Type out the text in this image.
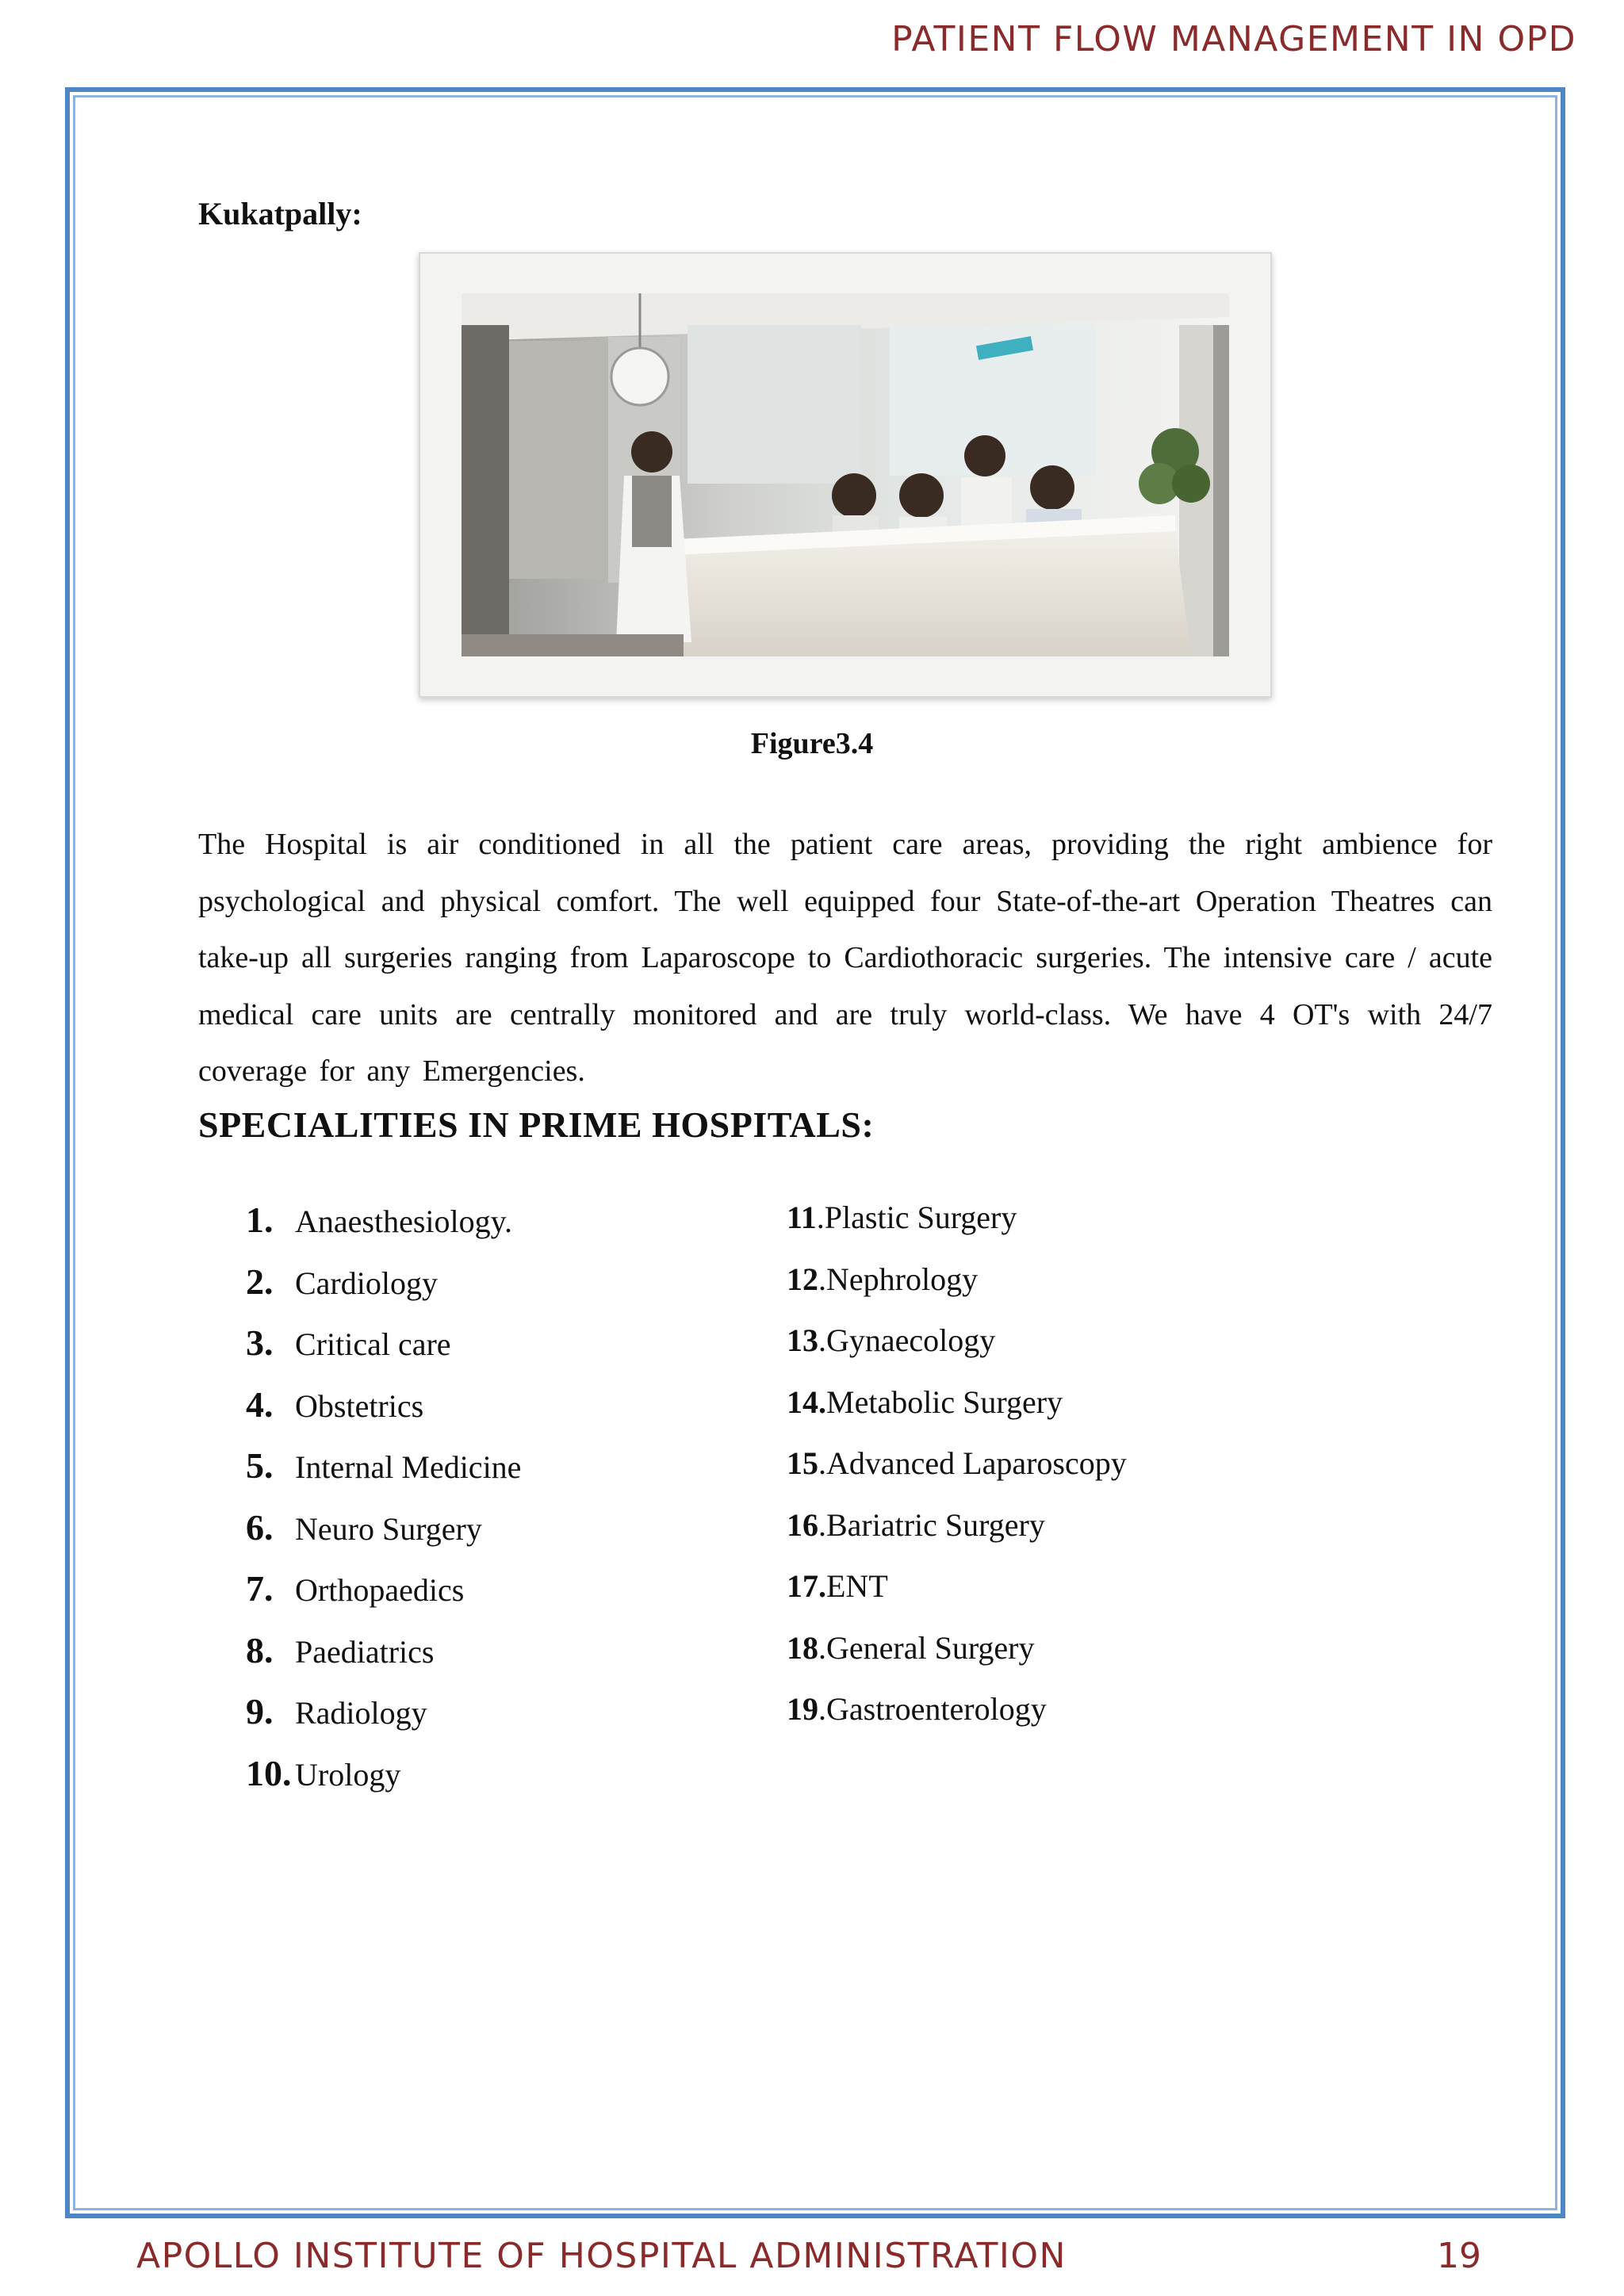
PATIENT FLOW MANAGEMENT IN OPD
Kukatpally:
Figure3.4

The Hospital is air conditioned in all the patient care areas, providing the right ambience for psychological and physical comfort. The well equipped four State-of-the-art Operation Theatres can take-up all surgeries ranging from Laparoscope to Cardiothoracic surgeries. The intensive care / acute medical care units are centrally monitored and are truly world-class. We have 4 OT's with 24/7 coverage for any Emergencies.

SPECIALITIES IN PRIME HOSPITALS:
1. Anaesthesiology.
2. Cardiology
3. Critical care
4. Obstetrics
5. Internal Medicine
6. Neuro Surgery
7. Orthopaedics
8. Paediatrics
9. Radiology
10. Urology
11.Plastic Surgery
12.Nephrology
13.Gynaecology
14.Metabolic Surgery
15.Advanced Laparoscopy
16.Bariatric Surgery
17.ENT
18.General Surgery
19.Gastroenterology
APOLLO INSTITUTE OF HOSPITAL ADMINISTRATION	19
